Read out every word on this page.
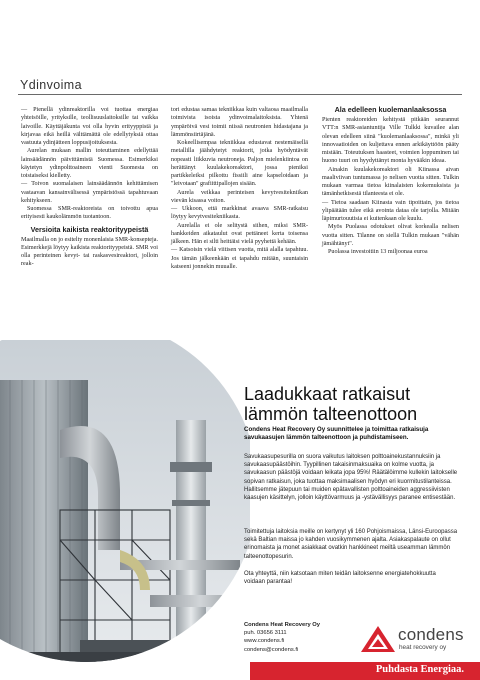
Ydinvoima

— Pienellä ydinreaktorilla voi tuottaa energiaa yhteisöille, yrityksille, teollisuuslaitoksille tai vaikka laivoille. Käyttäjäkunta voi olla hyvin erityyppistä ja kirjavaa eikä heillä välttämättä ole edellytyksiä ottaa vastuuta ydinjätteen loppusijoituksesta.

Aurelan mukaan mallin toteuttaminen edellyttää lainsäädännön päivittämistä Suomessa. Esimerkiksi käytetyn ydinpolttoaineen vienti Suomesta on toistaiseksi kielletty.

— Toivon suomalaisen lainsäädännön kehittämisen vastaavan kansainvälisessä ympäristössä tapahtuvaan kehitykseen.

Suomessa SMR-reaktoreista on toivottu apua erityisesti kaukolämmön tuotantoon.

Versioita kaikista reaktorityypeistä

Maailmalla on jo esitelty monenlaisia SMR-konsepteja. Esimerkkejä löytyy kaikista reaktorityypeistä. SMR voi olla perinteinen kevyt- tai raskasvesireaktori, jolloin reak-

tori edustaa samaa tekniikkaa kuin valtaosa maailmalla toimivista isoista ydinvoimalaitoksista. Yhtenä ympäröivä vesi toimii niissä neutronien hidastajana ja lämmönsiirtäjänä.

Kokeellisempaa tekniikkaa edustavat nestemäisellä metallilla jäähdytetyt reaktorit, jotka hyödyntävät nopeasti liikkuvia neutroneja. Paljon mielenkiintoa on herättänyt kuulakekoreaktori, jossa pieniksi partikkeleiksi pilkottu fissiili aine kapseloidaan ja "leivotaan" grafiittipallojen sisään.

Aurela veikkaa perinteisen kevytvesitekniikan vievän kisassa voiton.

— Ukkoon, että markkinat avaava SMR-ratkaisu löytyy kevytvesitekniikasta.

Aurelalla ei ole selitystä siihen, miksi SMR-hankkeiden aikataulut ovat pettäneet kerta toisensa jälkeen. Hän ei silti heittäisi vielä pyyhettä kehään.

— Katsoisin vielä viitisen vuotta, mitä alalla tapahtuu. Jos tämän jälkeenkään ei tapahdu mitään, suuntaisin katseeni jonnekin muualle.

Ala edelleen kuolemanlaaksossa

Pienten reaktoreiden kehitystä pitkään seurannut VTT:n SMR-asiantuntija Ville Tulkki kuvailee alan olevan edelleen siinä "kuolemanlaaksossa", minkä yli innovaatioiden on kuljettava ennen arkikäyttöön pääty mistään. Toteutuksen haasteet, voimien loppuminen tai huono tuuri on hyydyttänyt monta hyvääkin ideaa.

Ainakin kuulakekoreaktori oli Kiinassa aivan maaliviivan tuntumassa jo nelisen vuotta sitten. Tulkin mukaan varmaa tietoa kiinalaisten kokemuksista ja tämänhetkisestä tilanteesta ei ole.

— Tietoa saadaan Kiinasta vain tipoittain, jos tietoa ylipäätään tulee eikä avointa dataa ole tarjolla. Mitään läpimurtouutisia ei kuitenkaan ole kuulu.

Myös Puolassa odotukset olivat korkealla nelisen vuotta sitten. Tilanne on siellä Tulkin mukaan "vähän jämähtänyt".

Puolassa investoitiin 13 miljoonaa euroa

Laadukkaat ratkaisut
lämmön talteenottoon
Condens Heat Recovery Oy suunnittelee ja toimittaa ratkaisuja savukaasujen lämmön talteenottoon ja puhdistamiseen.

Savukaasupesurilla on suora vaikutus laitoksen polttoainekustannuksiin ja savukaasupäästöihin. Tyypillinen takaisinmaksuaika on kolme vuotta, ja savukaasun päästöjä voidaan leikata jopa 95%! Räätälöimme kullekin laitokselle sopivan ratkaisun, joka tuottaa maksimaalisen hyödyn eri kuormitustilanteissa. Hallitsemme jätepuun tai muiden epätavallisten polttoaineiden aggressiivisten kaasujen käsittelyn, jolloin käyttövarmuus ja -ystävällisyys paranee entisestään.

Toimitettuja laitoksia meille on kertynyt yli 160 Pohjoismaissa, Länsi-Euroopassa sekä Baltian maissa jo kahden vuosikymmenen ajalta. Asiakaspalaute on ollut erinomaista ja monet asiakkaat ovatkin hankkineet meiltä useamman lämmön talteenottopesurin.

Ota yhteyttä, niin katsotaan miten teidän laitoksenne energiatehokkuutta voidaan parantaa!

Condens Heat Recovery Oy
puh. 03656 3111
www.condens.fi
condens@condens.fi
condens
heat recovery oy
Puhdasta Energiaa.
